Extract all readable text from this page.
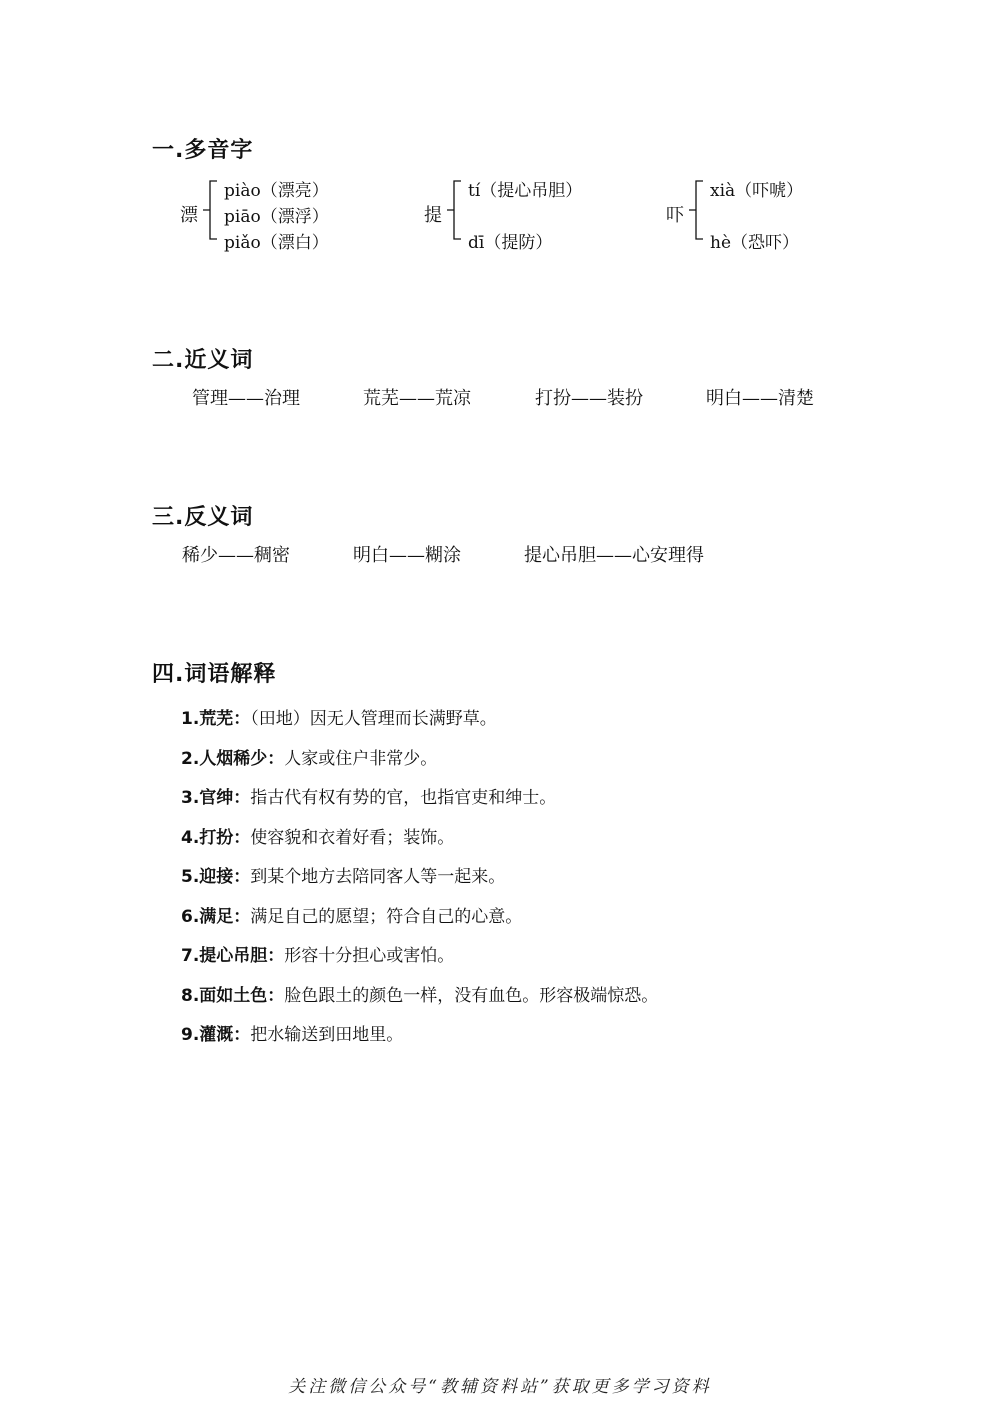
一.多音字
漂
piào（漂亮）
piāo（漂浮）
piǎo（漂白）
提
tí（提心吊胆）
dī（提防）
吓
xià（吓唬）
hè（恐吓）
二.近义词
管理——治理	荒芜——荒凉	打扮——装扮	明白——清楚
三.反义词
稀少——稠密	明白——糊涂	提心吊胆——心安理得
四.词语解释
1.荒芜：（田地）因无人管理而长满野草。
2.人烟稀少：人家或住户非常少。
3.官绅：指古代有权有势的官，也指官吏和绅士。
4.打扮：使容貌和衣着好看；装饰。
5.迎接：到某个地方去陪同客人等一起来。
6.满足：满足自己的愿望；符合自己的心意。
7.提心吊胆：形容十分担心或害怕。
8.面如土色：脸色跟土的颜色一样，没有血色。形容极端惊恐。
9.灌溉：把水输送到田地里。
关注微信公众号“教辅资料站”获取更多学习资料
